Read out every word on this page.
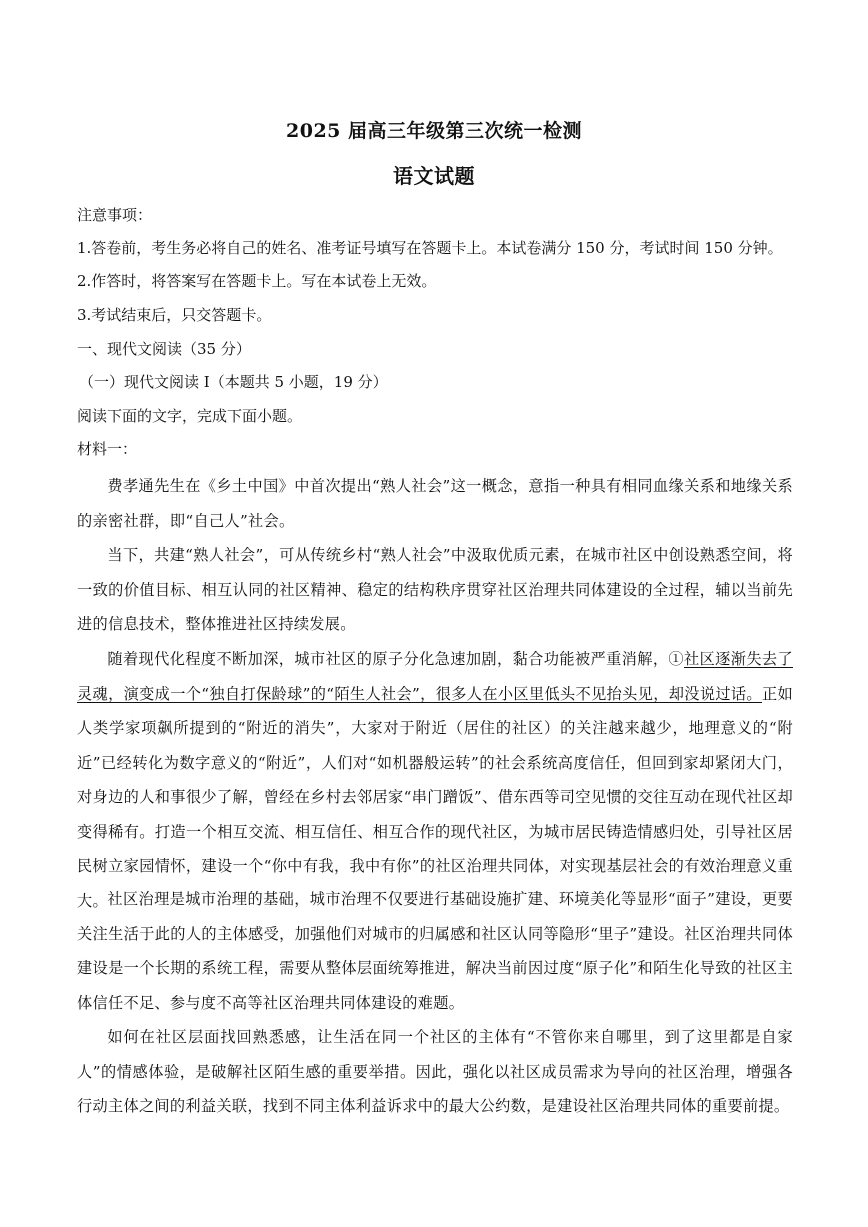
2025 届高三年级第三次统一检测
语文试题

注意事项：

1.答卷前，考生务必将自己的姓名、准考证号填写在答题卡上。本试卷满分 150 分，考试时间 150 分钟。

2.作答时，将答案写在答题卡上。写在本试卷上无效。

3.考试结束后，只交答题卡。

一、现代文阅读（35 分）

（一）现代文阅读 I（本题共 5 小题，19 分）

阅读下面的文字，完成下面小题。

材料一：

费孝通先生在《乡土中国》中首次提出“熟人社会”这一概念，意指一种具有相同血缘关系和地缘关系的亲密社群，即“自己人”社会。

当下，共建“熟人社会”，可从传统乡村“熟人社会”中汲取优质元素，在城市社区中创设熟悉空间，将一致的价值目标、相互认同的社区精神、稳定的结构秩序贯穿社区治理共同体建设的全过程，辅以当前先进的信息技术，整体推进社区持续发展。

随着现代化程度不断加深，城市社区的原子分化急速加剧，黏合功能被严重消解，①社区逐渐失去了灵魂，演变成一个“独自打保龄球”的“陌生人社会”，很多人在小区里低头不见抬头见，却没说过话。正如人类学家项飙所提到的“附近的消失”，大家对于附近（居住的社区）的关注越来越少，地理意义的“附近”已经转化为数字意义的“附近”，人们对“如机器般运转”的社会系统高度信任，但回到家却紧闭大门，对身边的人和事很少了解，曾经在乡村去邻居家“串门蹭饭”、借东西等司空见惯的交往互动在现代社区却变得稀有。打造一个相互交流、相互信任、相互合作的现代社区，为城市居民铸造情感归处，引导社区居民树立家园情怀，建设一个“你中有我，我中有你”的社区治理共同体，对实现基层社会的有效治理意义重大。 社区治理是城市治理的基础，城市治理不仅要进行基础设施扩建、环境美化等显形“面子”建设，更要关注生活于此的人的主体感受，加强他们对城市的归属感和社区认同等隐形“里子”建设。社区治理共同体建设是一个长期的系统工程，需要从整体层面统筹推进，解决当前因过度“原子化”和陌生化导致的社区主体信任不足、参与度不高等社区治理共同体建设的难题。

如何在社区层面找回熟悉感，让生活在同一个社区的主体有“不管你来自哪里，到了这里都是自家人”的情感体验，是破解社区陌生感的重要举措。因此，强化以社区成员需求为导向的社区治理，增强各行动主体之间的利益关联，找到不同主体利益诉求中的最大公约数，是建设社区治理共同体的重要前提。
